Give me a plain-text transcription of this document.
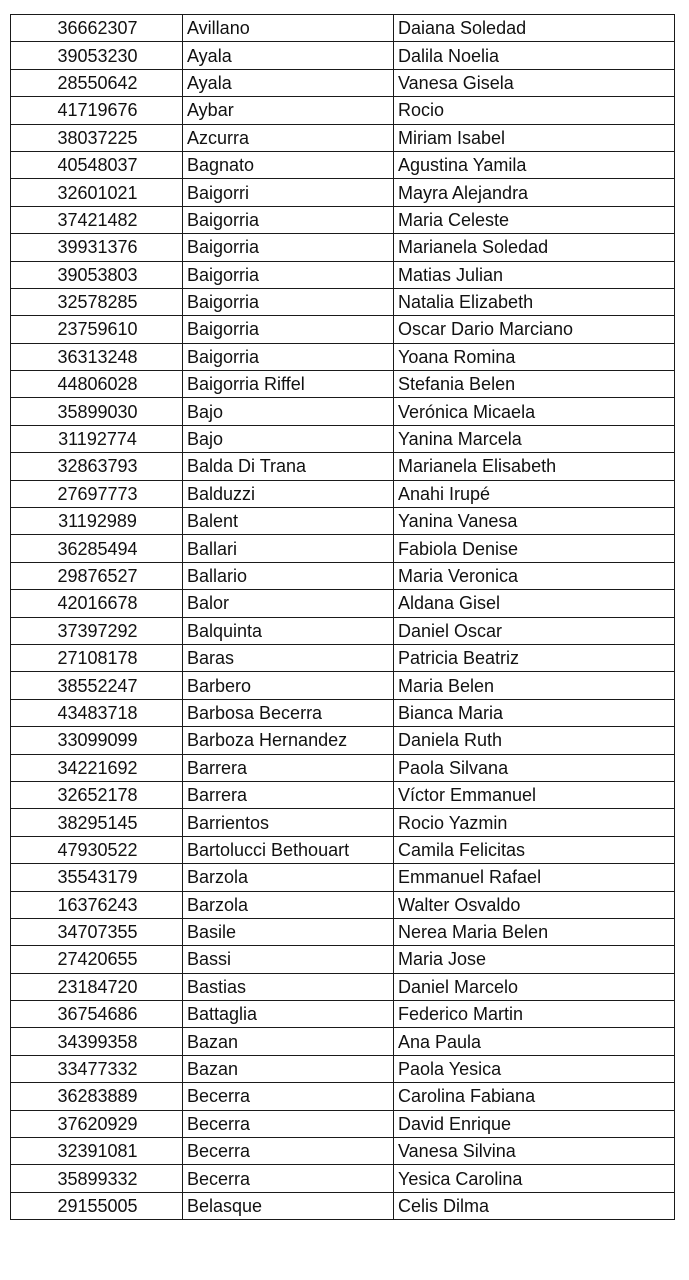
36662307	Avillano	Daiana Soledad
39053230	Ayala	Dalila Noelia
28550642	Ayala	Vanesa Gisela
41719676	Aybar	Rocio
38037225	Azcurra	Miriam Isabel
40548037	Bagnato	Agustina Yamila
32601021	Baigorri	Mayra Alejandra
37421482	Baigorria	Maria Celeste
39931376	Baigorria	Marianela Soledad
39053803	Baigorria	Matias Julian
32578285	Baigorria	Natalia Elizabeth
23759610	Baigorria	Oscar Dario Marciano
36313248	Baigorria	Yoana Romina
44806028	Baigorria Riffel	Stefania Belen
35899030	Bajo	Verónica Micaela
31192774	Bajo	Yanina Marcela
32863793	Balda Di Trana	Marianela Elisabeth
27697773	Balduzzi	Anahi Irupé
31192989	Balent	Yanina Vanesa
36285494	Ballari	Fabiola Denise
29876527	Ballario	Maria Veronica
42016678	Balor	Aldana Gisel
37397292	Balquinta	Daniel Oscar
27108178	Baras	Patricia Beatriz
38552247	Barbero	Maria Belen
43483718	Barbosa Becerra	Bianca Maria
33099099	Barboza Hernandez	Daniela Ruth
34221692	Barrera	Paola Silvana
32652178	Barrera	Víctor Emmanuel
38295145	Barrientos	Rocio Yazmin
47930522	Bartolucci Bethouart	Camila Felicitas
35543179	Barzola	Emmanuel Rafael
16376243	Barzola	Walter Osvaldo
34707355	Basile	Nerea Maria Belen
27420655	Bassi	Maria Jose
23184720	Bastias	Daniel Marcelo
36754686	Battaglia	Federico Martin
34399358	Bazan	Ana Paula
33477332	Bazan	Paola Yesica
36283889	Becerra	Carolina Fabiana
37620929	Becerra	David Enrique
32391081	Becerra	Vanesa Silvina
35899332	Becerra	Yesica Carolina
29155005	Belasque	Celis Dilma
